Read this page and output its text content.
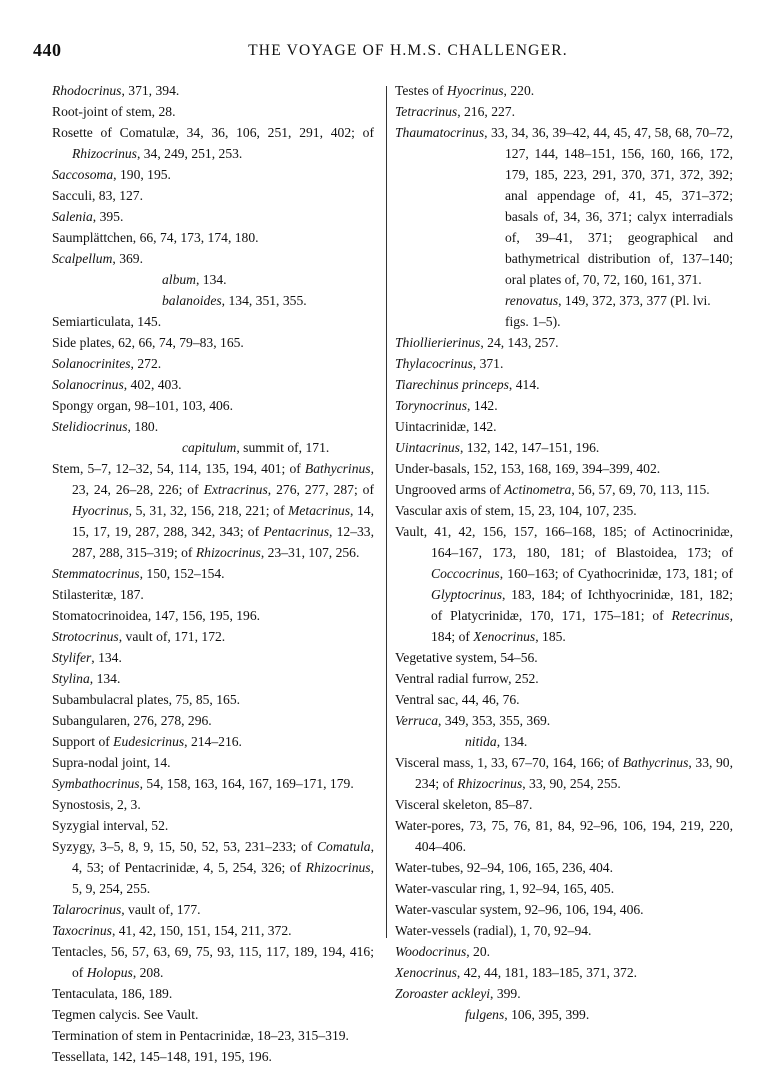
440	THE VOYAGE OF H.M.S. CHALLENGER.
Rhodocrinus, 371, 394.
Root-joint of stem, 28.
Rosette of Comatulæ, 34, 36, 106, 251, 291, 402; of Rhizocrinus, 34, 249, 251, 253.
Saccosoma, 190, 195.
Sacculi, 83, 127.
Salenia, 395.
Saumplättchen, 66, 74, 173, 174, 180.
Scalpellum, 369.
album, 134.
balanoides, 134, 351, 355.
Semiarticulata, 145.
Side plates, 62, 66, 74, 79–83, 165.
Solanocrinites, 272.
Solanocrinus, 402, 403.
Spongy organ, 98–101, 103, 406.
Stelidiocrinus, 180.
capitulum, summit of, 171.
Stem, 5–7, 12–32, 54, 114, 135, 194, 401; of Bathycrinus, 23, 24, 26–28, 226; of Extracrinus, 276, 277, 287; of Hyocrinus, 5, 31, 32, 156, 218, 221; of Metacrinus, 14, 15, 17, 19, 287, 288, 342, 343; of Pentacrinus, 12–33, 287, 288, 315–319; of Rhizocrinus, 23–31, 107, 256.
Stemmatocrinus, 150, 152–154.
Stilasteritæ, 187.
Stomatocrinoidea, 147, 156, 195, 196.
Strotocrinus, vault of, 171, 172.
Stylifer, 134.
Stylina, 134.
Subambulacral plates, 75, 85, 165.
Subangularen, 276, 278, 296.
Support of Eudesicrinus, 214–216.
Supra-nodal joint, 14.
Symbathocrinus, 54, 158, 163, 164, 167, 169–171, 179.
Synostosis, 2, 3.
Syzygial interval, 52.
Syzygy, 3–5, 8, 9, 15, 50, 52, 53, 231–233; of Comatula, 4, 53; of Pentacrinidæ, 4, 5, 254, 326; of Rhizocrinus, 5, 9, 254, 255.
Talarocrinus, vault of, 177.
Taxocrinus, 41, 42, 150, 151, 154, 211, 372.
Tentacles, 56, 57, 63, 69, 75, 93, 115, 117, 189, 194, 416; of Holopus, 208.
Tentaculata, 186, 189.
Tegmen calycis. See Vault.
Termination of stem in Pentacrinidæ, 18–23, 315–319.
Tessellata, 142, 145–148, 191, 195, 196.
Testes of Hyocrinus, 220.
Tetracrinus, 216, 227.
Thaumatocrinus, 33, 34, 36, 39–42, 44, 45, 47, 58, 68, 70–72, 127, 144, 148–151, 156, 160, 166, 172, 179, 185, 223, 291, 370, 371, 372, 392; anal appendage of, 41, 45, 371–372; basals of, 34, 36, 371; calyx interradials of, 39–41, 371; geographical and bathymetrical distribution of, 137–140; oral plates of, 70, 72, 160, 161, 371.
renovatus, 149, 372, 373, 377 (Pl. lvi. figs. 1–5).
Thiollierierinus, 24, 143, 257.
Thylacocrinus, 371.
Tiarechinus princeps, 414.
Torynocrinus, 142.
Uintacrinidæ, 142.
Uintacrinus, 132, 142, 147–151, 196.
Under-basals, 152, 153, 168, 169, 394–399, 402.
Ungrooved arms of Actinometra, 56, 57, 69, 70, 113, 115.
Vascular axis of stem, 15, 23, 104, 107, 235.
Vault, 41, 42, 156, 157, 166–168, 185; of Actinocrinidæ, 164–167, 173, 180, 181; of Blastoidea, 173; of Coccocrinus, 160–163; of Cyathocrinidæ, 173, 181; of Glyptocrinus, 183, 184; of Ichthyocrinidæ, 181, 182; of Platycrinidæ, 170, 171, 175–181; of Retecrinus, 184; of Xenocrinus, 185.
Vegetative system, 54–56.
Ventral radial furrow, 252.
Ventral sac, 44, 46, 76.
Verruca, 349, 353, 355, 369.
nitida, 134.
Visceral mass, 1, 33, 67–70, 164, 166; of Bathycrinus, 33, 90, 234; of Rhizocrinus, 33, 90, 254, 255.
Visceral skeleton, 85–87.
Water-pores, 73, 75, 76, 81, 84, 92–96, 106, 194, 219, 220, 404–406.
Water-tubes, 92–94, 106, 165, 236, 404.
Water-vascular ring, 1, 92–94, 165, 405.
Water-vascular system, 92–96, 106, 194, 406.
Water-vessels (radial), 1, 70, 92–94.
Woodocrinus, 20.
Xenocrinus, 42, 44, 181, 183–185, 371, 372.
Zoroaster ackleyi, 399.
fulgens, 106, 395, 399.
